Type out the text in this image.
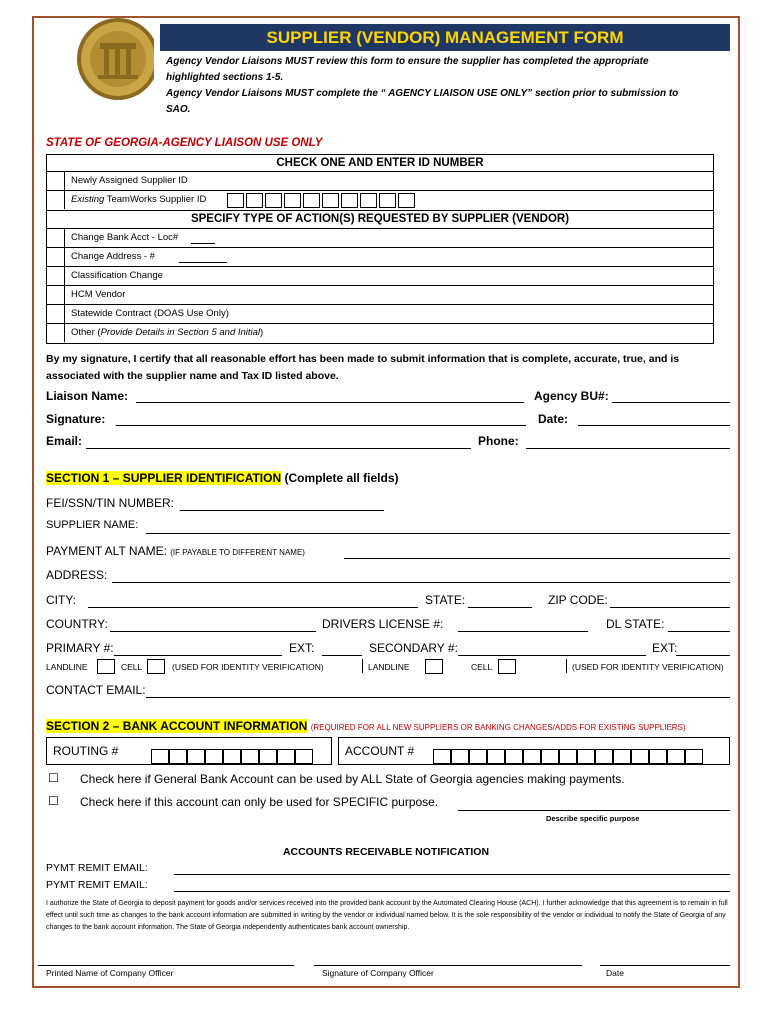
SUPPLIER (VENDOR) MANAGEMENT FORM
Agency Vendor Liaisons MUST review this form to ensure the supplier has completed the appropriate
highlighted sections 1-5.
Agency Vendor Liaisons MUST complete the “ AGENCY LIAISON USE ONLY” section prior to submission to
SAO.
STATE OF GEORGIA-AGENCY LIAISON USE ONLY
CHECK ONE AND ENTER ID NUMBER
Newly Assigned Supplier ID
Existing TeamWorks Supplier ID
SPECIFY TYPE OF ACTION(S) REQUESTED BY SUPPLIER (VENDOR)
Change Bank Acct - Loc#
Change Address - #
Classification Change
HCM Vendor
Statewide Contract (DOAS Use Only)
Other (Provide Details in Section 5 and Initial)
By my signature, I certify that all reasonable effort has been made to submit information that is complete, accurate, true, and is associated with the supplier name and Tax ID listed above.
Liaison Name:	Agency BU#:
Signature:	Date:
Email:	Phone:
SECTION 1 – SUPPLIER IDENTIFICATION (Complete all fields)
FEI/SSN/TIN NUMBER:
SUPPLIER NAME:
PAYMENT ALT NAME: (IF PAYABLE TO DIFFERENT NAME)
ADDRESS:
CITY:	STATE:	ZIP CODE:
COUNTRY:	DRIVERS LICENSE #:	DL STATE:
PRIMARY #:	EXT:	SECONDARY #:	EXT:
LANDLINE	CELL	(USED FOR IDENTITY VERIFICATION)	LANDLINE	CELL	(USED FOR IDENTITY VERIFICATION)
CONTACT EMAIL:
SECTION 2 – BANK ACCOUNT INFORMATION (REQUIRED FOR ALL NEW SUPPLIERS OR BANKING CHANGES/ADDS FOR EXISTING SUPPLIERS)
ROUTING #	ACCOUNT #
☐ Check here if General Bank Account can be used by ALL State of Georgia agencies making payments.
☐ Check here if this account can only be used for SPECIFIC purpose.
Describe specific purpose
ACCOUNTS RECEIVABLE NOTIFICATION
PYMT REMIT EMAIL:
PYMT REMIT EMAIL:
I authorize the State of Georgia to deposit payment for goods and/or services received into the provided bank account by the Automated Clearing House (ACH). I further acknowledge that this agreement is to remain in full effect until such time as changes to the bank account information are submitted in writing by the vendor or individual named below. It is the sole responsibility of the vendor or individual to notify the State of Georgia of any changes to the bank account information. The State of Georgia independently authenticates bank account ownership.
Printed Name of Company Officer	Signature of Company Officer	Date
